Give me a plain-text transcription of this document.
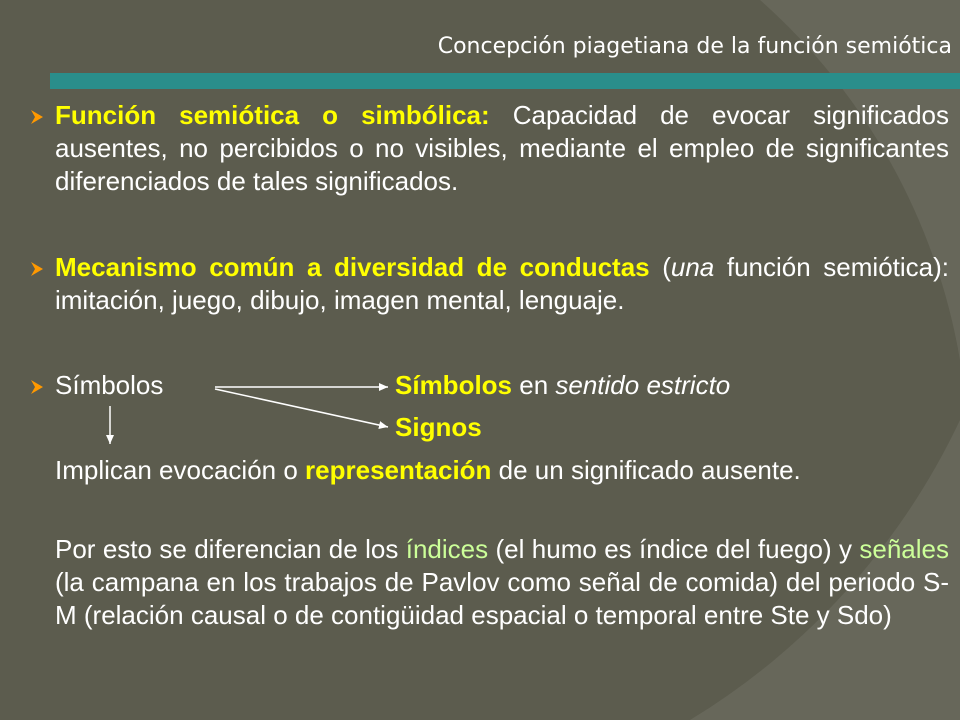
Concepción piagetiana de la función semiótica
Función semiótica o simbólica: Capacidad de evocar significados ausentes, no percibidos o no visibles, mediante el empleo de significantes diferenciados de tales significados.
Mecanismo común a diversidad de conductas (una función semiótica): imitación, juego, dibujo, imagen mental, lenguaje.
Símbolos	Símbolos en sentido estricto
Signos
Implican evocación o representación de un significado ausente.
Por esto se diferencian de los índices (el humo es índice del fuego) y señales (la campana en los trabajos de Pavlov como señal de comida) del periodo S-M (relación causal o de contigüidad espacial o temporal entre Ste y Sdo)
